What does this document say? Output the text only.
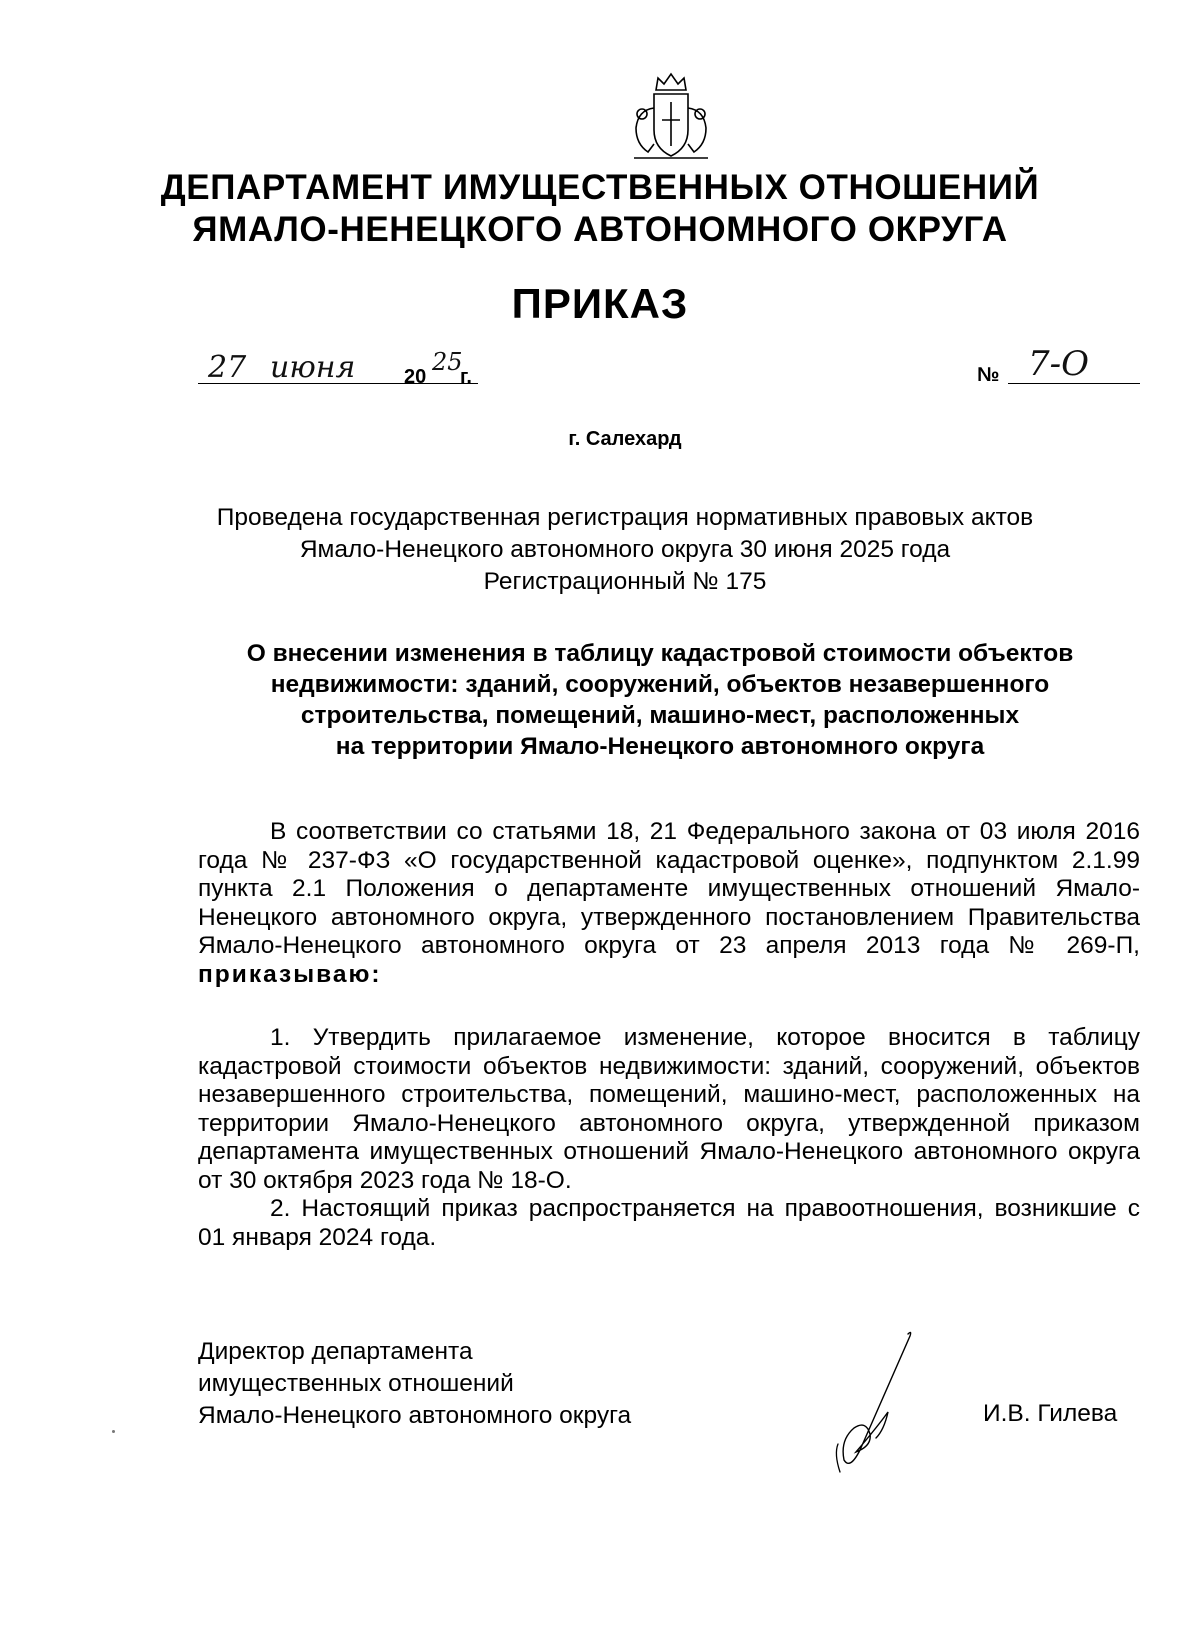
ДЕПАРТАМЕНТ ИМУЩЕСТВЕННЫХ ОТНОШЕНИЙ
ЯМАЛО-НЕНЕЦКОГО АВТОНОМНОГО ОКРУГА
ПРИКАЗ
27 июня 20
25
г.	№ 7-О
г. Салехард
Проведена государственная регистрация нормативных правовых актов
Ямало-Ненецкого автономного округа 30 июня 2025 года
Регистрационный № 175
О внесении изменения в таблицу кадастровой стоимости объектов
недвижимости: зданий, сооружений, объектов незавершенного
строительства, помещений, машино-мест, расположенных
на территории Ямало-Ненецкого автономного округа
В соответствии со статьями 18, 21 Федерального закона от 03 июля 2016 года № 237-ФЗ «О государственной кадастровой оценке», подпунктом 2.1.99 пункта 2.1 Положения о департаменте имущественных отношений Ямало-Ненецкого автономного округа, утвержденного постановлением Правительства Ямало-Ненецкого автономного округа от 23 апреля 2013 года № 269-П, приказываю:
1. Утвердить прилагаемое изменение, которое вносится в таблицу кадастровой стоимости объектов недвижимости: зданий, сооружений, объектов незавершенного строительства, помещений, машино-мест, расположенных на территории Ямало-Ненецкого автономного округа, утвержденной приказом департамента имущественных отношений Ямало-Ненецкого автономного округа от 30 октября 2023 года № 18-О.
2. Настоящий приказ распространяется на правоотношения, возникшие с 01 января 2024 года.
Директор департамента
имущественных отношений
Ямало-Ненецкого автономного округа	И.В. Гилева
